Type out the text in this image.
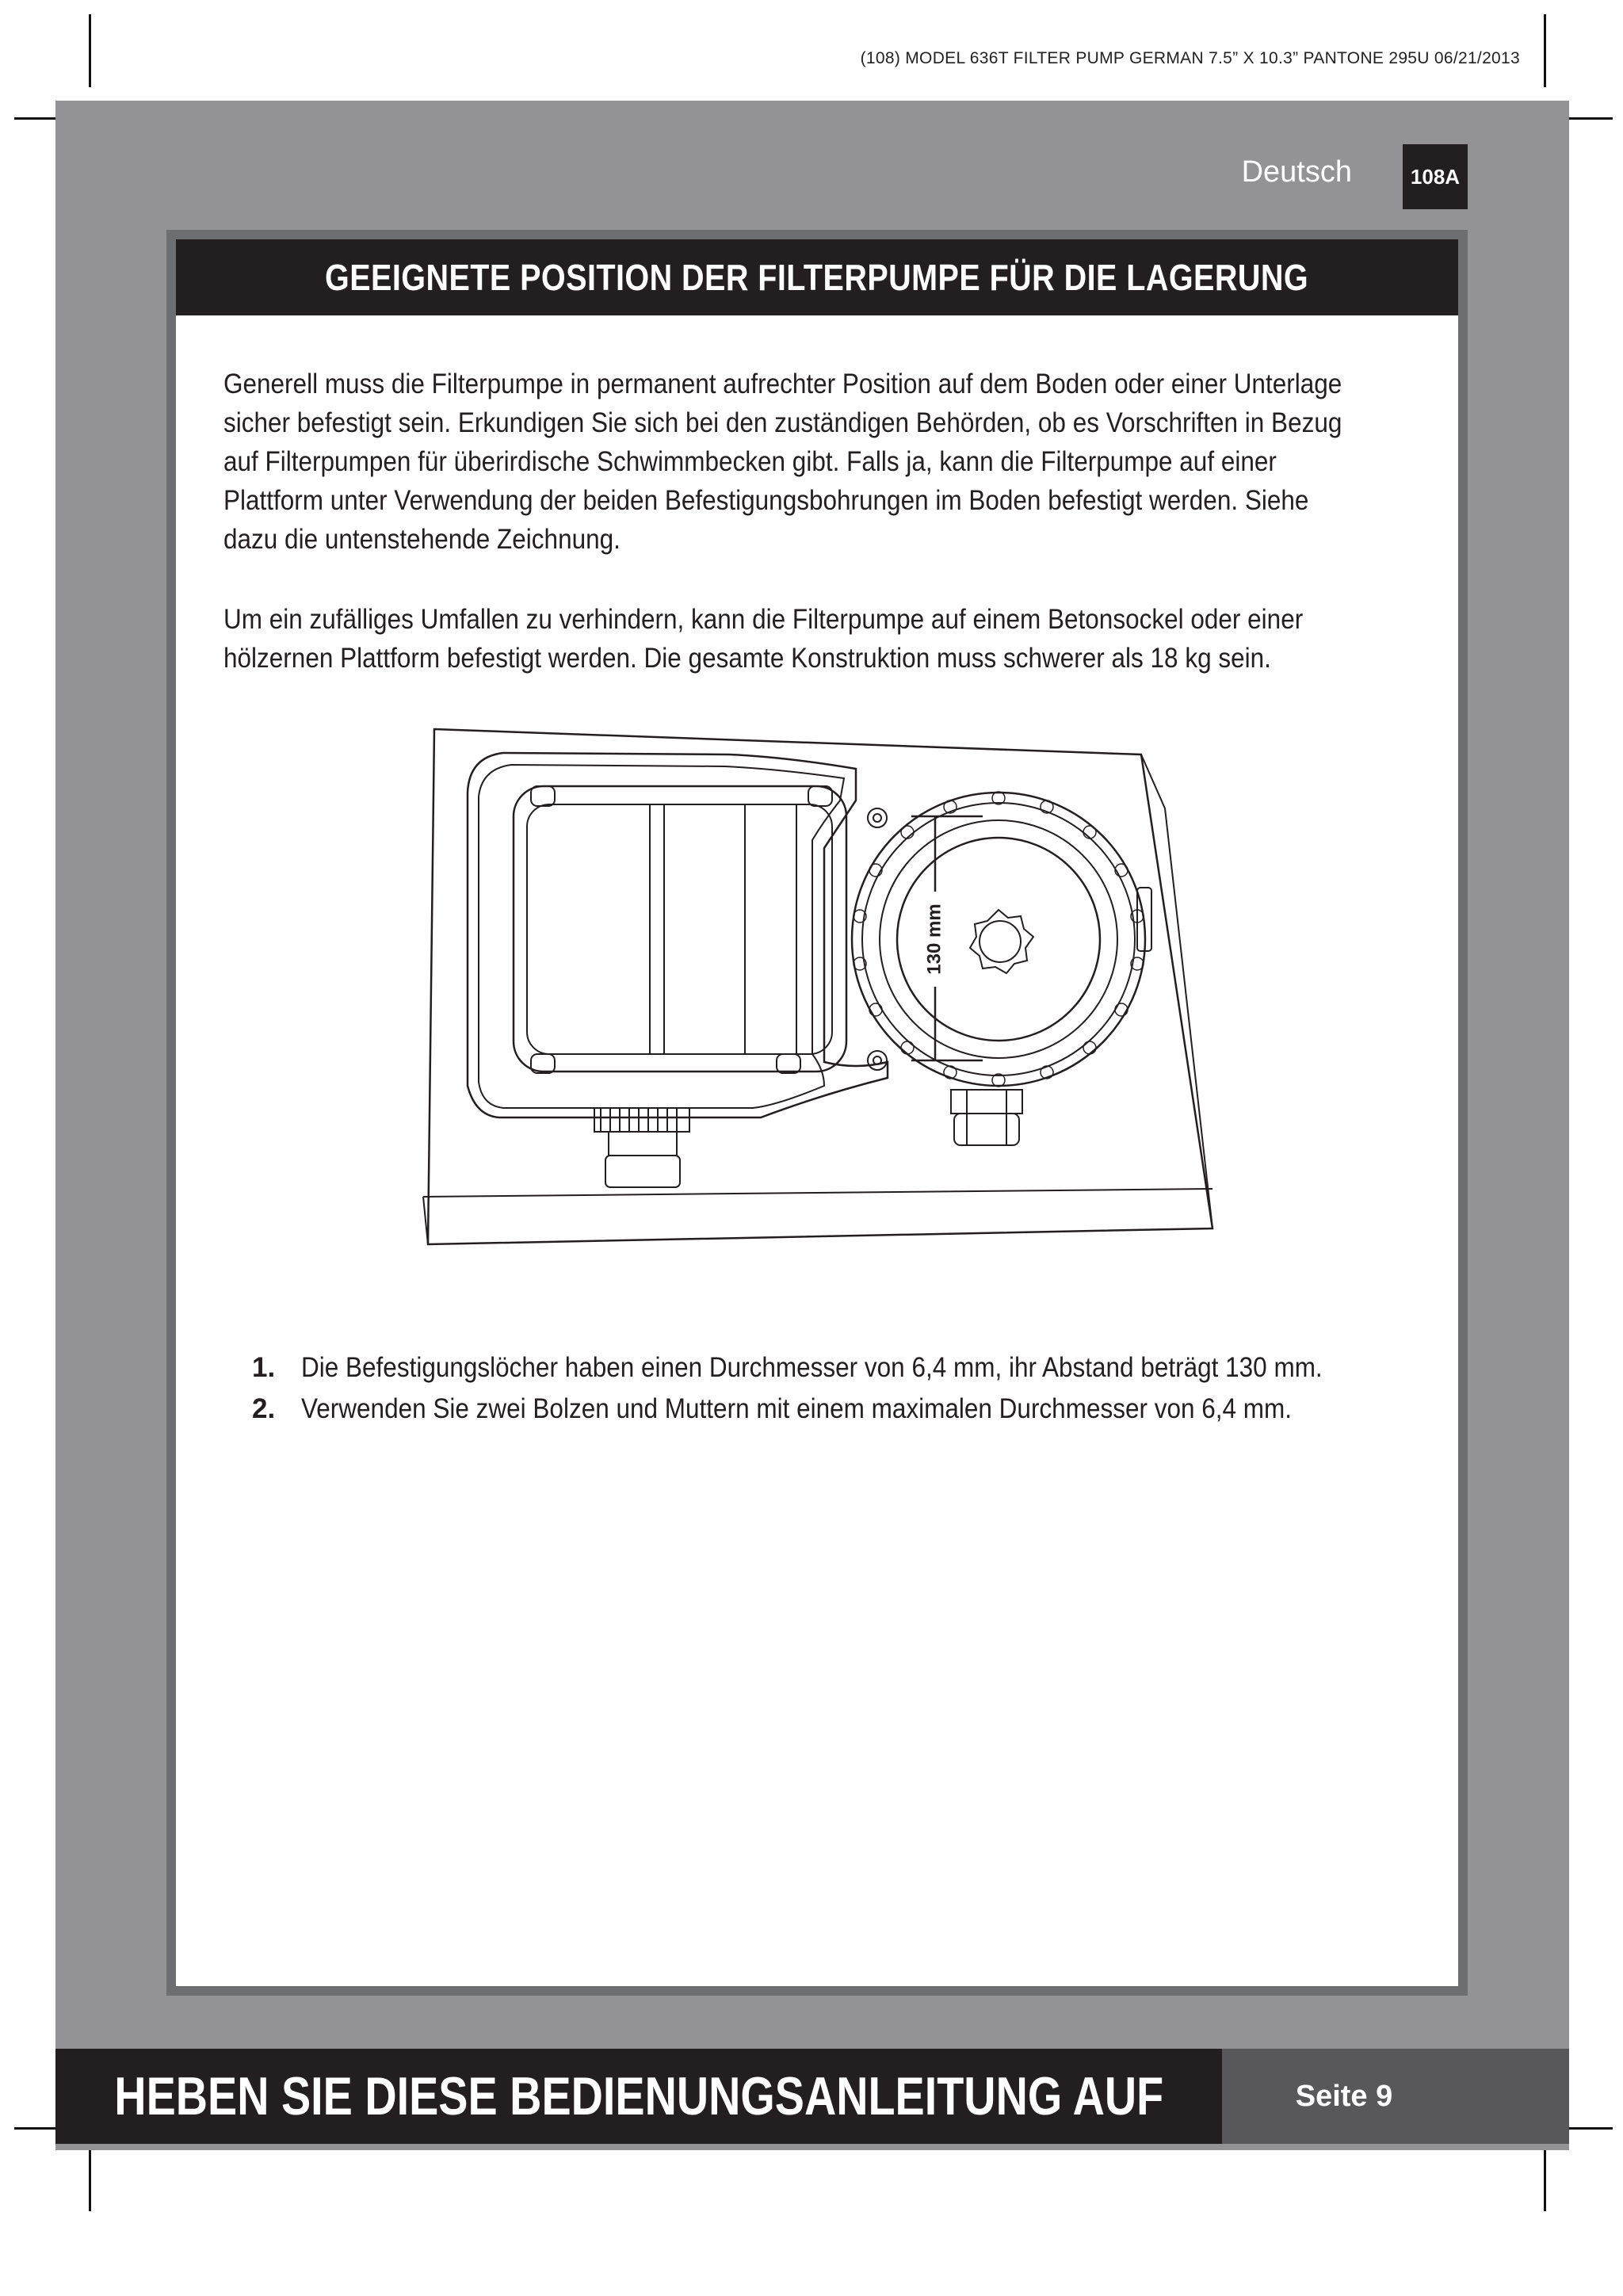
(108) MODEL 636T FILTER PUMP GERMAN 7.5” X 10.3” PANTONE 295U 06/21/2013
Deutsch	108A
GEEIGNETE POSITION DER FILTERPUMPE FÜR DIE LAGERUNG
Generell muss die Filterpumpe in permanent aufrechter Position auf dem Boden oder einer Unterlage
sicher befestigt sein. Erkundigen Sie sich bei den zuständigen Behörden, ob es Vorschriften in Bezug
auf Filterpumpen für überirdische Schwimmbecken gibt. Falls ja, kann die Filterpumpe auf einer
Plattform unter Verwendung der beiden Befestigungsbohrungen im Boden befestigt werden. Siehe
dazu die untenstehende Zeichnung.
Um ein zufälliges Umfallen zu verhindern, kann die Filterpumpe auf einem Betonsockel oder einer
hölzernen Plattform befestigt werden. Die gesamte Konstruktion muss schwerer als 18 kg sein.
130 mm
1. Die Befestigungslöcher haben einen Durchmesser von 6,4 mm, ihr Abstand beträgt 130 mm.
2. Verwenden Sie zwei Bolzen und Muttern mit einem maximalen Durchmesser von 6,4 mm.
HEBEN SIE DIESE BEDIENUNGSANLEITUNG AUF	Seite 9
